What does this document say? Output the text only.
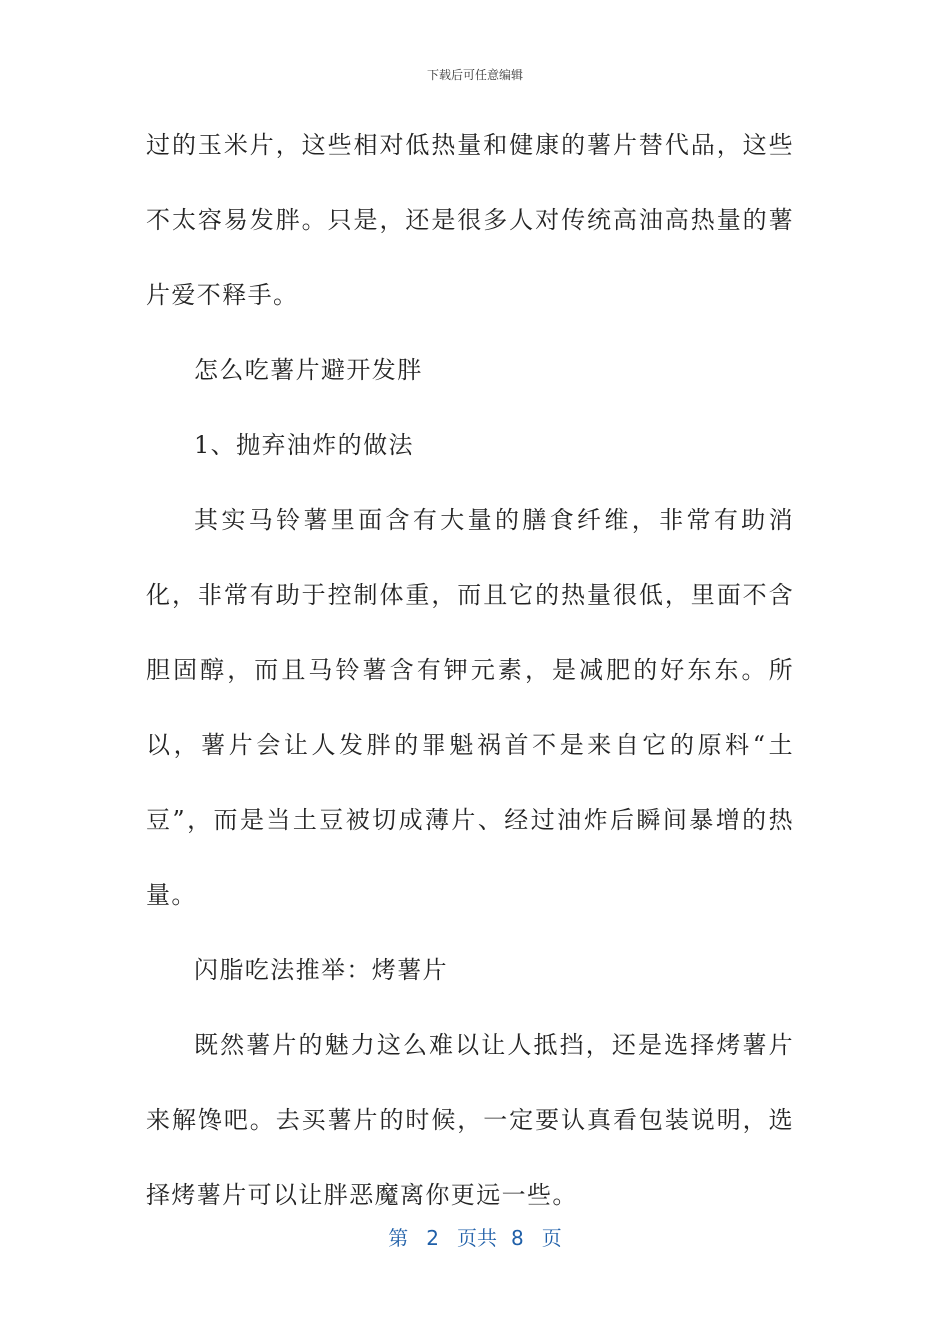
下载后可任意编辑

过的玉米片，这些相对低热量和健康的薯片替代品，这些不太容易发胖。只是，还是很多人对传统高油高热量的薯片爱不释手。

怎么吃薯片避开发胖

1、抛弃油炸的做法

其实马铃薯里面含有大量的膳食纤维，非常有助消化，非常有助于控制体重，而且它的热量很低，里面不含胆固醇，而且马铃薯含有钾元素，是减肥的好东东。所以，薯片会让人发胖的罪魁祸首不是来自它的原料“土豆”，而是当土豆被切成薄片、经过油炸后瞬间暴增的热量。

闪脂吃法推举：烤薯片

既然薯片的魅力这么难以让人抵挡，还是选择烤薯片来解馋吧。去买薯片的时候，一定要认真看包装说明，选择烤薯片可以让胖恶魔离你更远一些。

第 2 页共 8 页
